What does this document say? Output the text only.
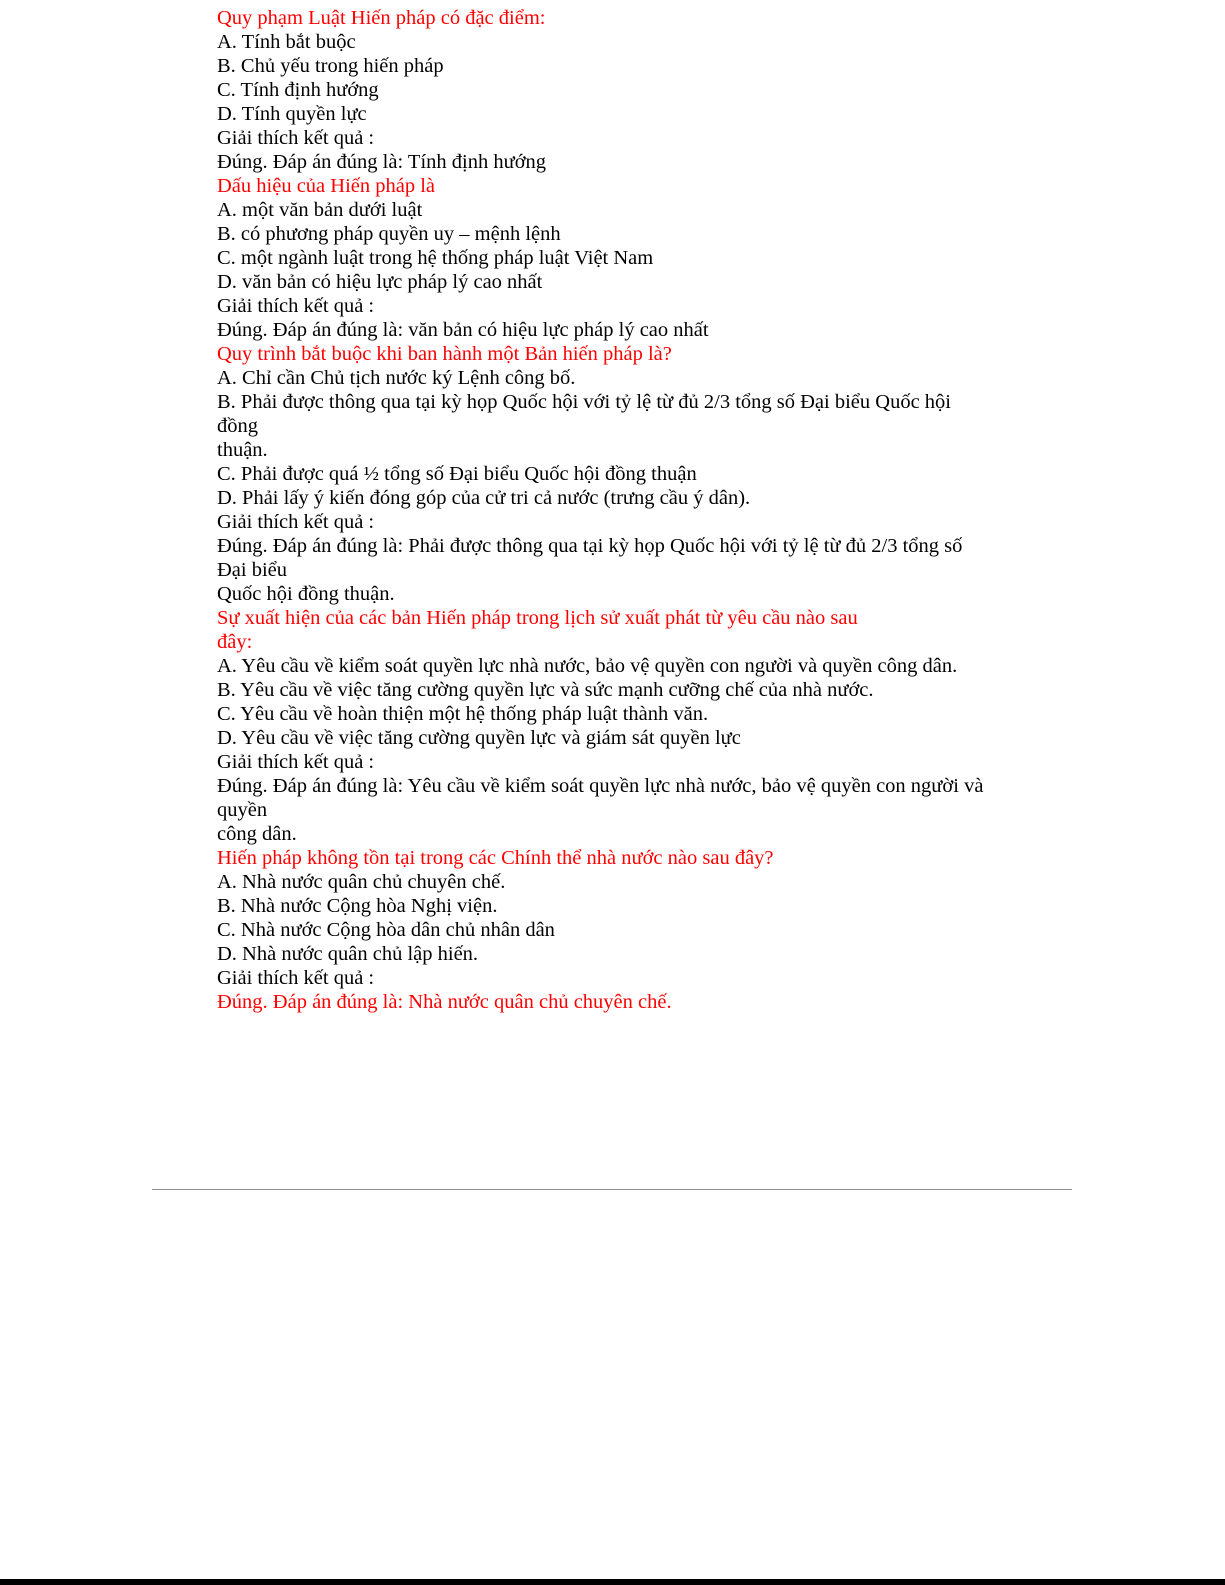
Quy phạm Luật Hiến pháp có đặc điểm:
A. Tính bắt buộc
B. Chủ yếu trong hiến pháp
C. Tính định hướng
D. Tính quyền lực
Giải thích kết quả :
Đúng. Đáp án đúng là: Tính định hướng
Dấu hiệu của Hiến pháp là
A. một văn bản dưới luật
B. có phương pháp quyền uy – mệnh lệnh
C. một ngành luật trong hệ thống pháp luật Việt Nam
D. văn bản có hiệu lực pháp lý cao nhất
Giải thích kết quả :
Đúng. Đáp án đúng là: văn bản có hiệu lực pháp lý cao nhất
Quy trình bắt buộc khi ban hành một Bản hiến pháp là?
A. Chỉ cần Chủ tịch nước ký Lệnh công bố.
B. Phải được thông qua tại kỳ họp Quốc hội với tỷ lệ từ đủ 2/3 tổng số Đại biểu Quốc hội
đồng
thuận.
C. Phải được quá ½ tổng số Đại biểu Quốc hội đồng thuận
D. Phải lấy ý kiến đóng góp của cử tri cả nước (trưng cầu ý dân).
Giải thích kết quả :
Đúng. Đáp án đúng là: Phải được thông qua tại kỳ họp Quốc hội với tỷ lệ từ đủ 2/3 tổng số
Đại biểu
Quốc hội đồng thuận.
Sự xuất hiện của các bản Hiến pháp trong lịch sử xuất phát từ yêu cầu nào sau
đây:
A. Yêu cầu về kiểm soát quyền lực nhà nước, bảo vệ quyền con người và quyền công dân.
B. Yêu cầu về việc tăng cường quyền lực và sức mạnh cưỡng chế của nhà nước.
C. Yêu cầu về hoàn thiện một hệ thống pháp luật thành văn.
D. Yêu cầu về việc tăng cường quyền lực và giám sát quyền lực
Giải thích kết quả :
Đúng. Đáp án đúng là: Yêu cầu về kiểm soát quyền lực nhà nước, bảo vệ quyền con người và
quyền
công dân.
Hiến pháp không tồn tại trong các Chính thể nhà nước nào sau đây?
A. Nhà nước quân chủ chuyên chế.
B. Nhà nước Cộng hòa Nghị viện.
C. Nhà nước Cộng hòa dân chủ nhân dân
D. Nhà nước quân chủ lập hiến.
Giải thích kết quả :
Đúng. Đáp án đúng là: Nhà nước quân chủ chuyên chế.
